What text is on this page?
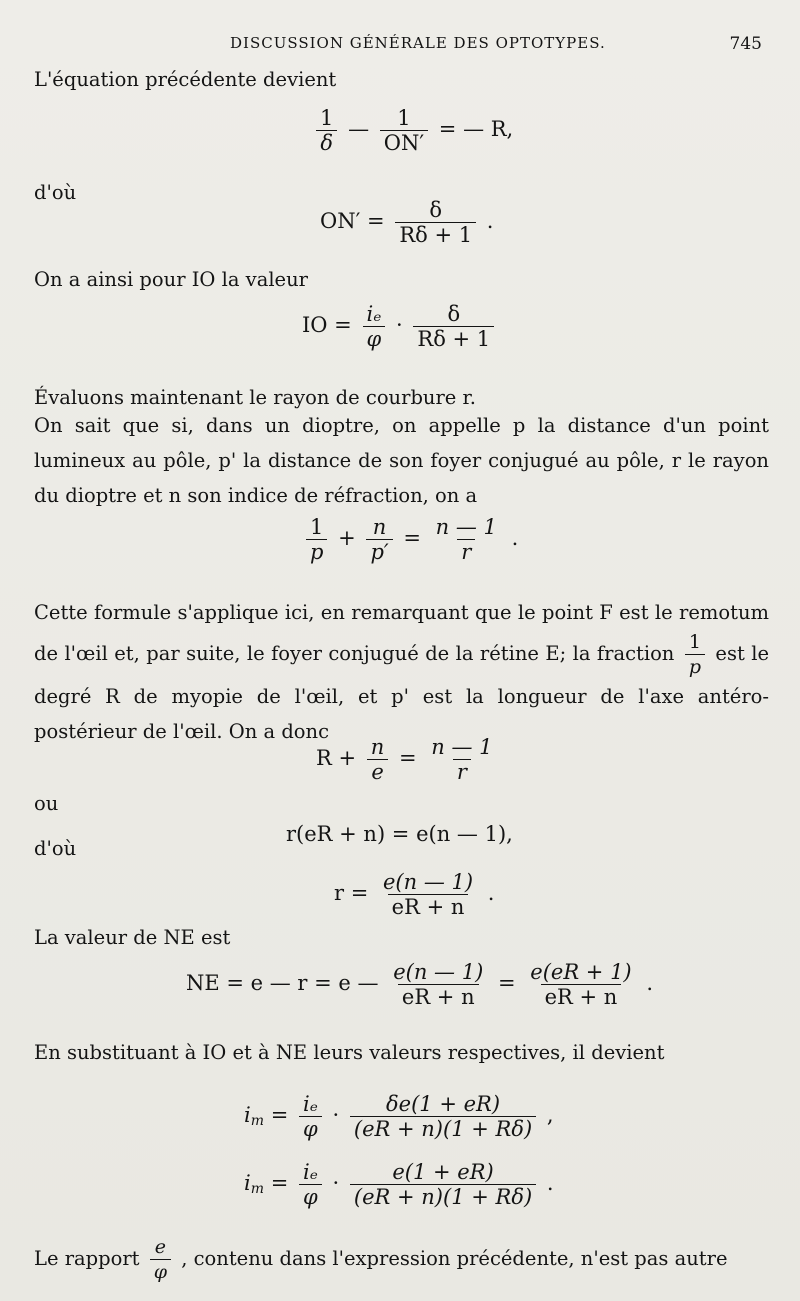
DISCUSSION GÉNÉRALE DES OPTOTYPES.	745
L'équation précédente devient
$\frac{1}{\delta}$ — $\frac{1}{ON'}$ = — R,
d'où
$ON' = \frac{\delta}{R\delta + 1}$ .
On a ainsi pour IO la valeur
IO = $\frac{\text{iₑ}}{\varphi} \cdot \frac{\delta}{R\delta + 1}$
Évaluons maintenant le rayon de courbure r.
On sait que si, dans un dioptre, on appelle p la distance d'un point lumineux au pôle, p' la distance de son foyer conjugué au pôle, r le rayon du dioptre et n son indice de réfraction, on a
$\frac{1}{p} + \frac{n}{p'} = \frac{n — 1}{r}$ .
Cette formule s'applique ici, en remarquant que le point F est le remotum de l'œil et, par suite, le foyer conjugué de la rétine E; la fraction $\frac{1}{p}$ est le degré R de myopie de l'œil, et p' est la longueur de l'axe antéro-postérieur de l'œil. On a donc
$R + \frac{n}{e} = \frac{n — 1}{r}$
ou
r(eR + n) = e(n — 1),
d'où
$r = \frac{e(n — 1)}{eR + n}$ .
La valeur de NE est
NE = e — r = e — $\frac{e(n — 1)}{eR + n} = \frac{e(eR + 1)}{eR + n}$ .
En substituant à IO et à NE leurs valeurs respectives, il devient
im = $\frac{\text{iₑ}}{\varphi} \cdot \frac{\delta e(1 + eR)}{(eR + n)(1 + R\delta)}$ ,
im = $\frac{\text{iₑ}}{\varphi} \cdot \frac{e(1 + eR)}{(eR + n)(1 + R\delta)}$ .
Le rapport $\frac{e}{\varphi}$ , contenu dans l'expression précédente, n'est pas autre
